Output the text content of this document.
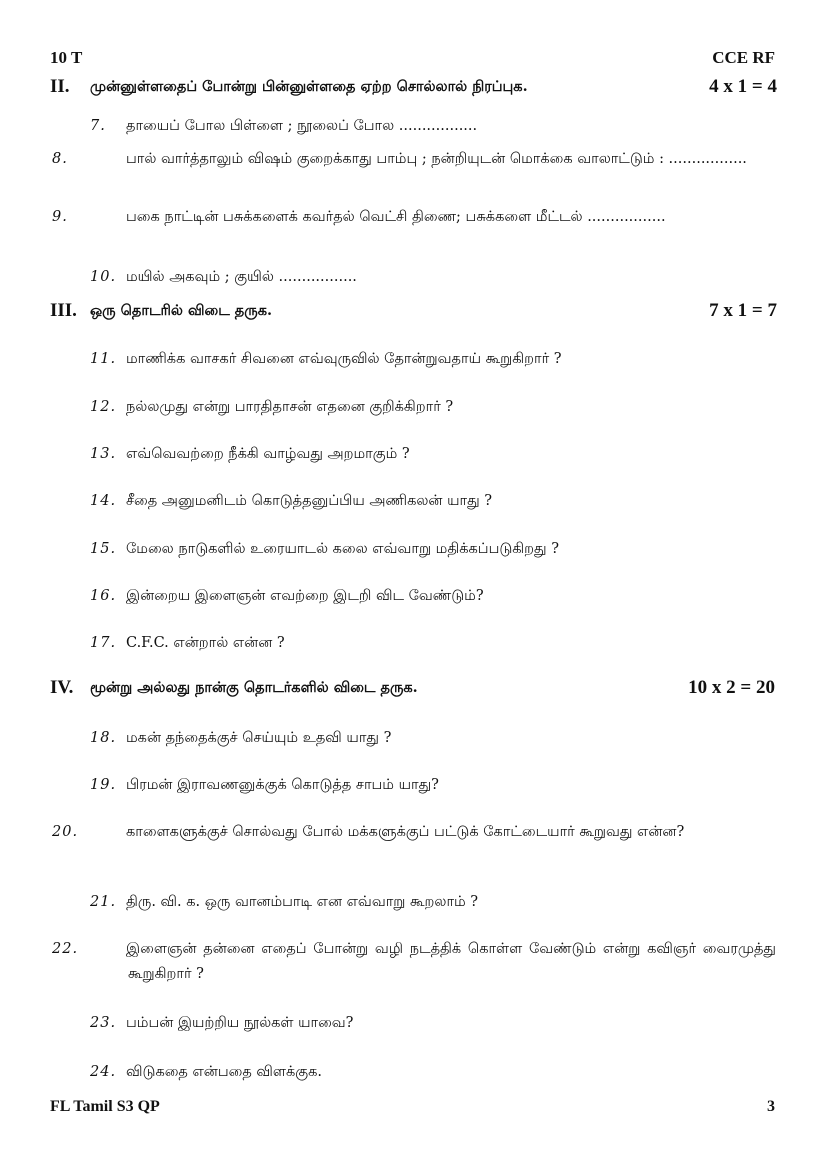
10 T	CCE RF
II. முன்னுள்ளதைப் போன்று பின்னுள்ளதை ஏற்ற சொல்லால் நிரப்புக.	4 x 1 = 4
7. தாயைப் போல பிள்ளை ; நூலைப் போல .................
8.	பால் வார்த்தாலும் விஷம் குறைக்காது பாம்பு ; நன்றியுடன் மொக்கை வாலாட்டும் : .................
9.	பகை நாட்டின் பசுக்களைக் கவர்தல் வெட்சி திணை; பசுக்களை மீட்டல் .................
10. மயில் அகவும் ; குயில் .................
III. ஒரு தொடரில் விடை தருக.	7 x 1 = 7
11. மாணிக்க வாசகர் சிவனை எவ்வுருவில் தோன்றுவதாய் கூறுகிறார் ?
12. நல்லமுது என்று பாரதிதாசன் எதனை குறிக்கிறார் ?
13. எவ்வெவற்றை நீக்கி வாழ்வது அறமாகும் ?
14. சீதை அனுமனிடம் கொடுத்தனுப்பிய அணிகலன் யாது ?
15. மேலை நாடுகளில் உரையாடல் கலை எவ்வாறு மதிக்கப்படுகிறது ?
16. இன்றைய இளைஞன் எவற்றை இடறி விட வேண்டும்?
17. C.F.C. என்றால் என்ன ?
IV. மூன்று அல்லது நான்கு தொடர்களில் விடை தருக.	10 x 2 = 20
18. மகன் தந்தைக்குச் செய்யும் உதவி யாது ?
19. பிரமன் இராவணனுக்குக் கொடுத்த சாபம் யாது?
20.	காளைகளுக்குச் சொல்வது போல் மக்களுக்குப் பட்டுக் கோட்டையார் கூறுவது என்ன?
21. திரு. வி. க. ஒரு வானம்பாடி என எவ்வாறு கூறலாம் ?
22.	இளைஞன் தன்னை எதைப் போன்று வழி நடத்திக் கொள்ள வேண்டும் என்று கவிஞர் வைரமுத்து கூறுகிறார் ?
23. பம்பன் இயற்றிய நூல்கள் யாவை?
24. விடுகதை என்பதை விளக்குக.
FL Tamil S3 QP	3
